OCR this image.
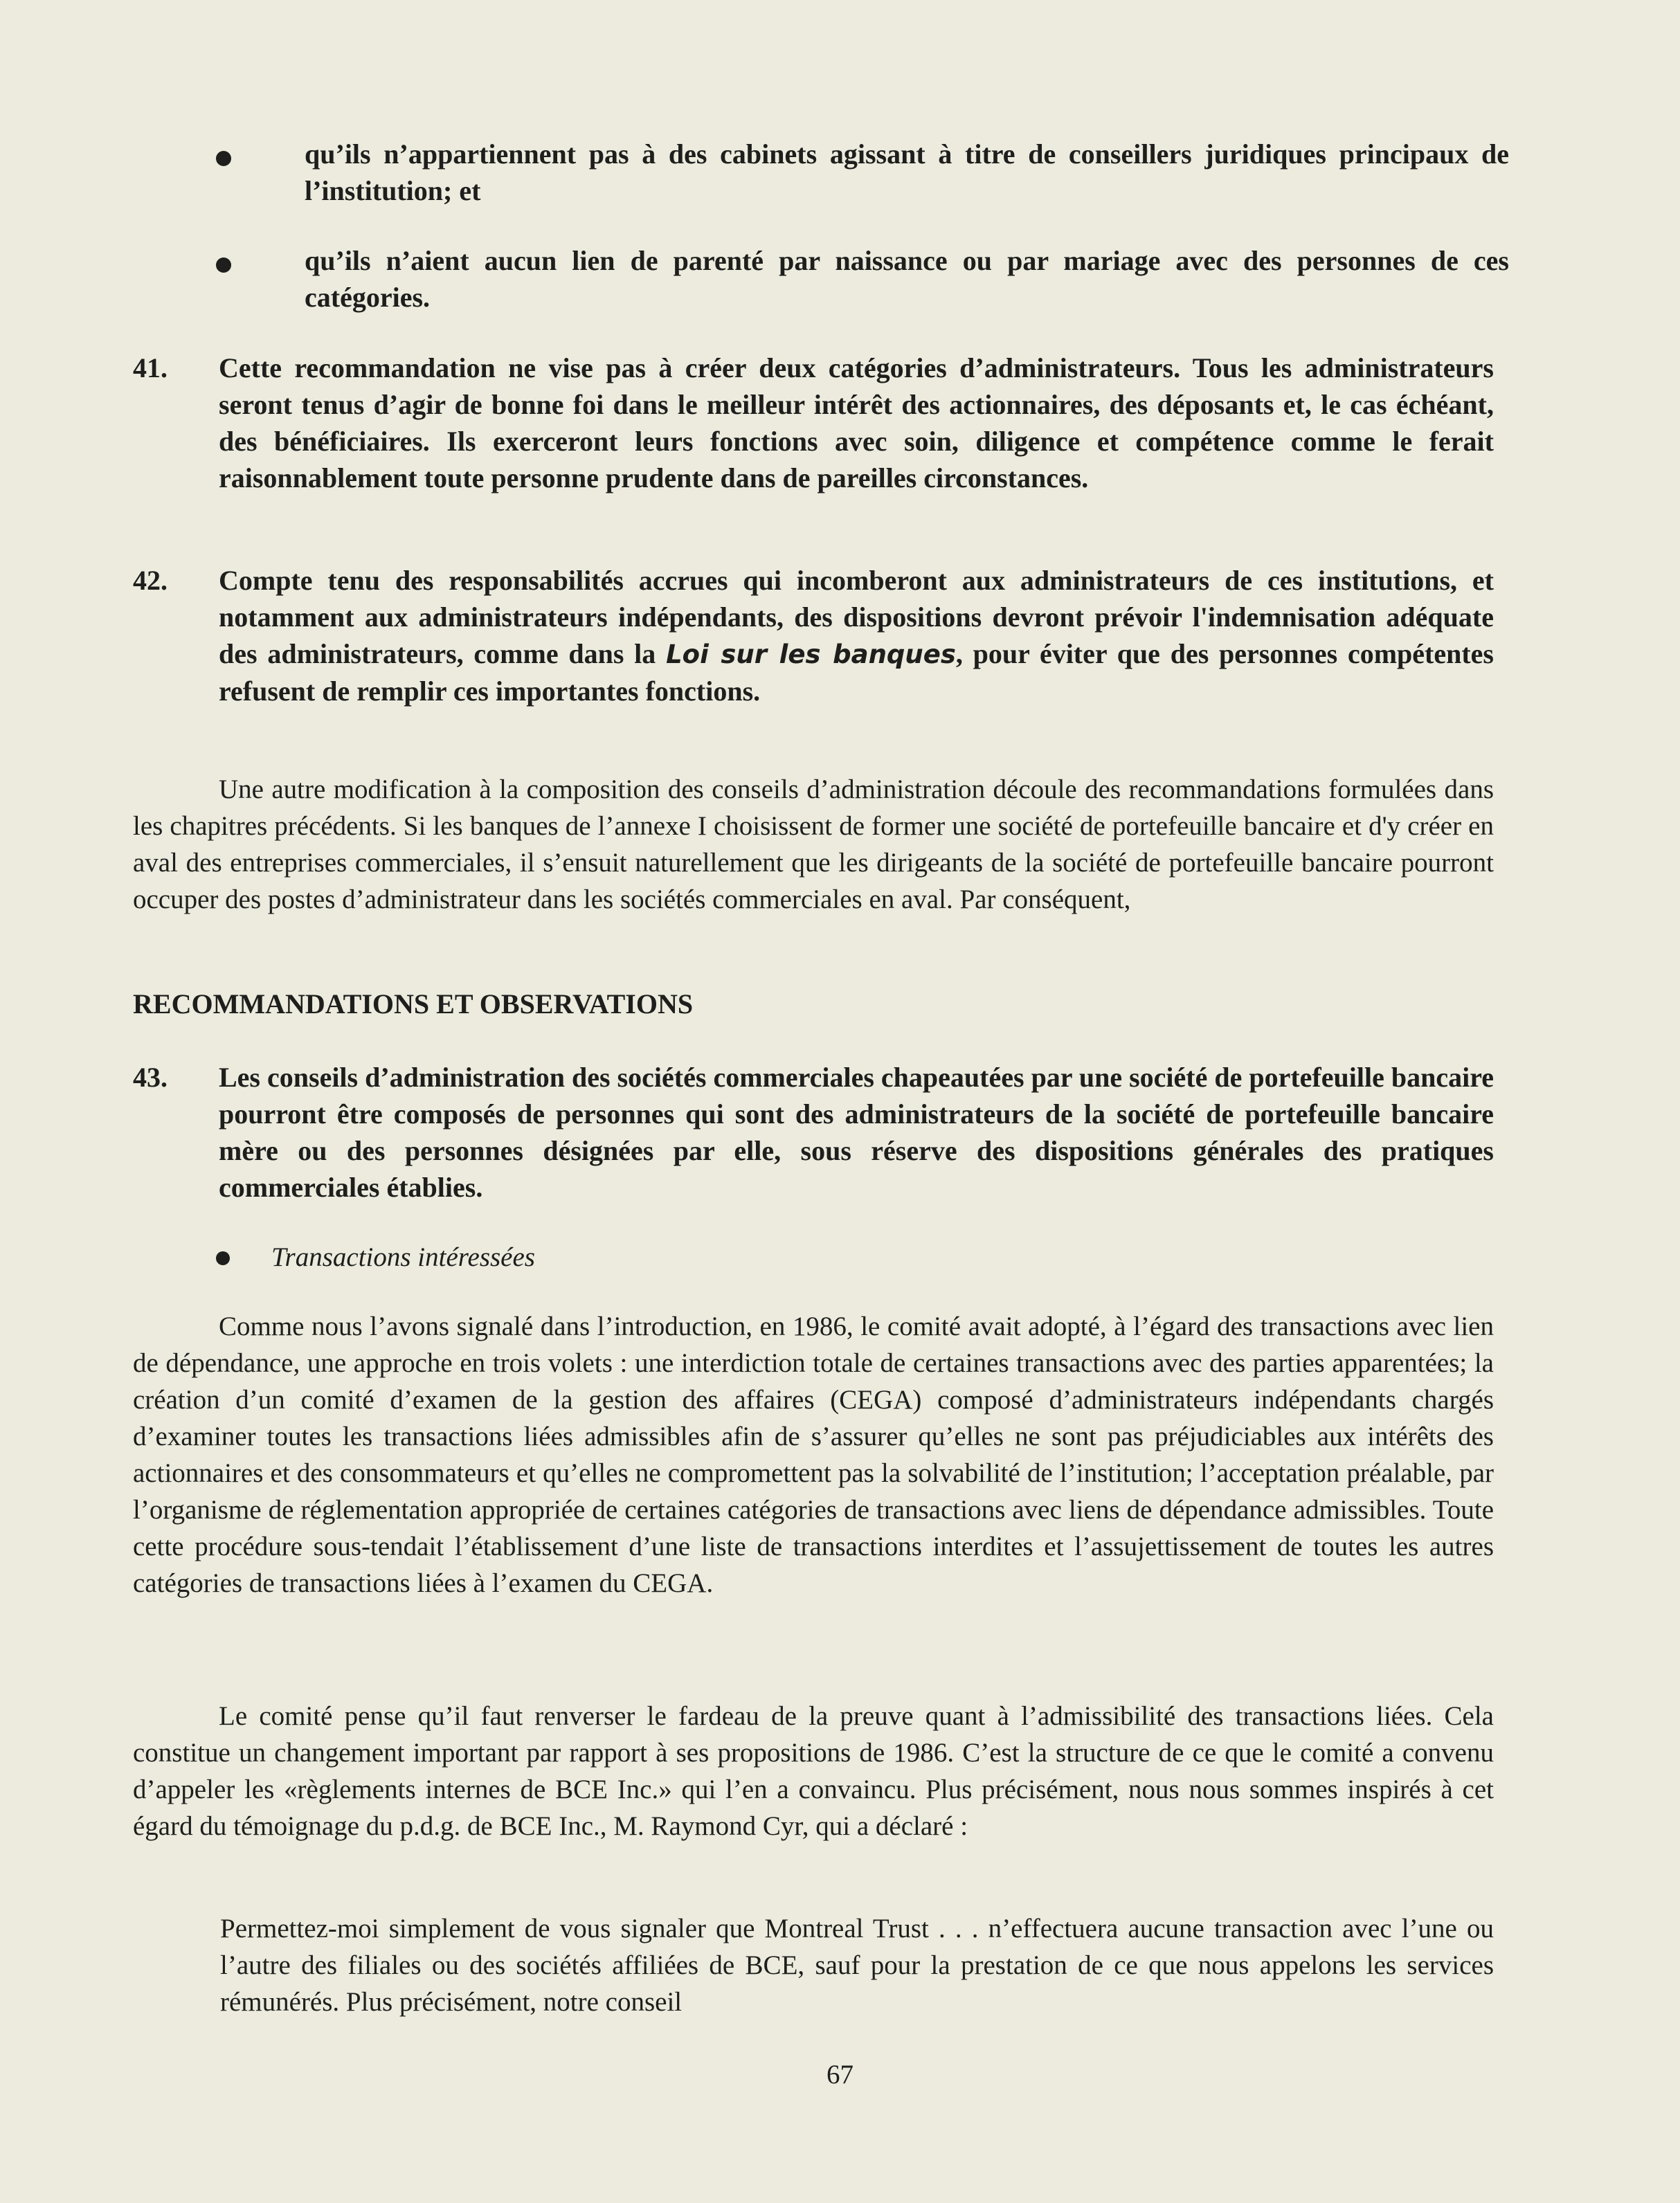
qu’ils n’appartiennent pas à des cabinets agissant à titre de conseillers juridiques principaux de l’institution; et
qu’ils n’aient aucun lien de parenté par naissance ou par mariage avec des personnes de ces catégories.
41. Cette recommandation ne vise pas à créer deux catégories d’administrateurs. Tous les administrateurs seront tenus d’agir de bonne foi dans le meilleur intérêt des actionnaires, des déposants et, le cas échéant, des bénéficiaires. Ils exerceront leurs fonctions avec soin, diligence et compétence comme le ferait raisonnablement toute personne prudente dans de pareilles circonstances.
42. Compte tenu des responsabilités accrues qui incomberont aux administrateurs de ces institutions, et notamment aux administrateurs indépendants, des dispositions devront prévoir l'indemnisation adéquate des administrateurs, comme dans la Loi sur les banques, pour éviter que des personnes compétentes refusent de remplir ces importantes fonctions.
Une autre modification à la composition des conseils d’administration découle des recommandations formulées dans les chapitres précédents. Si les banques de l’annexe I choisissent de former une société de portefeuille bancaire et d'y créer en aval des entreprises commerciales, il s’ensuit naturellement que les dirigeants de la société de portefeuille bancaire pourront occuper des postes d’administrateur dans les sociétés commerciales en aval. Par conséquent,
RECOMMANDATIONS ET OBSERVATIONS
43. Les conseils d’administration des sociétés commerciales chapeautées par une société de portefeuille bancaire pourront être composés de personnes qui sont des administrateurs de la société de portefeuille bancaire mère ou des personnes désignées par elle, sous réserve des dispositions générales des pratiques commerciales établies.
Transactions intéressées
Comme nous l’avons signalé dans l’introduction, en 1986, le comité avait adopté, à l’égard des transactions avec lien de dépendance, une approche en trois volets : une interdiction totale de certaines transactions avec des parties apparentées; la création d’un comité d’examen de la gestion des affaires (CEGA) composé d’administrateurs indépendants chargés d’examiner toutes les transactions liées admissibles afin de s’assurer qu’elles ne sont pas préjudiciables aux intérêts des actionnaires et des consommateurs et qu’elles ne compromettent pas la solvabilité de l’institution; l’acceptation préalable, par l’organisme de réglementation appropriée de certaines catégories de transactions avec liens de dépendance admissibles. Toute cette procédure sous-tendait l’établissement d’une liste de transactions interdites et l’assujettissement de toutes les autres catégories de transactions liées à l’examen du CEGA.
Le comité pense qu’il faut renverser le fardeau de la preuve quant à l’admissibilité des transactions liées. Cela constitue un changement important par rapport à ses propositions de 1986. C’est la structure de ce que le comité a convenu d’appeler les «règlements internes de BCE Inc.» qui l’en a convaincu. Plus précisément, nous nous sommes inspirés à cet égard du témoignage du p.d.g. de BCE Inc., M. Raymond Cyr, qui a déclaré :
Permettez-moi simplement de vous signaler que Montreal Trust . . . n’effectuera aucune transaction avec l’une ou l’autre des filiales ou des sociétés affiliées de BCE, sauf pour la prestation de ce que nous appelons les services rémunérés. Plus précisément, notre conseil
67
